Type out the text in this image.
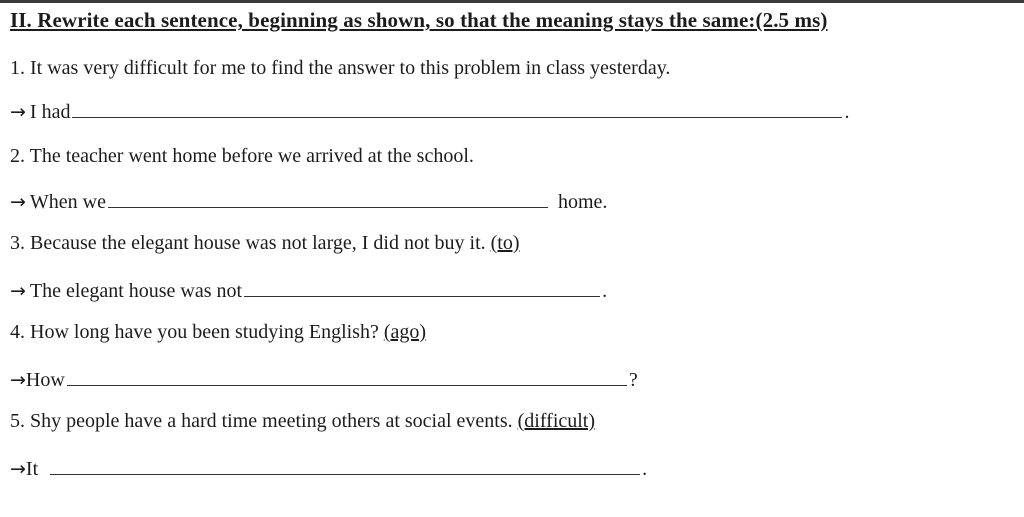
II. Rewrite each sentence, beginning as shown, so that the meaning stays the same:(2.5 ms)
1. It was very difficult for me to find the answer to this problem in class yesterday.
→ I had	.
2. The teacher went home before we arrived at the school.
→ When we	home.
3. Because the elegant house was not large, I did not buy it. (to)
→ The elegant house was not	.
4. How long have you been studying English? (ago)
→ How	?
5. Shy people have a hard time meeting others at social events. (difficult)
→ It	.
